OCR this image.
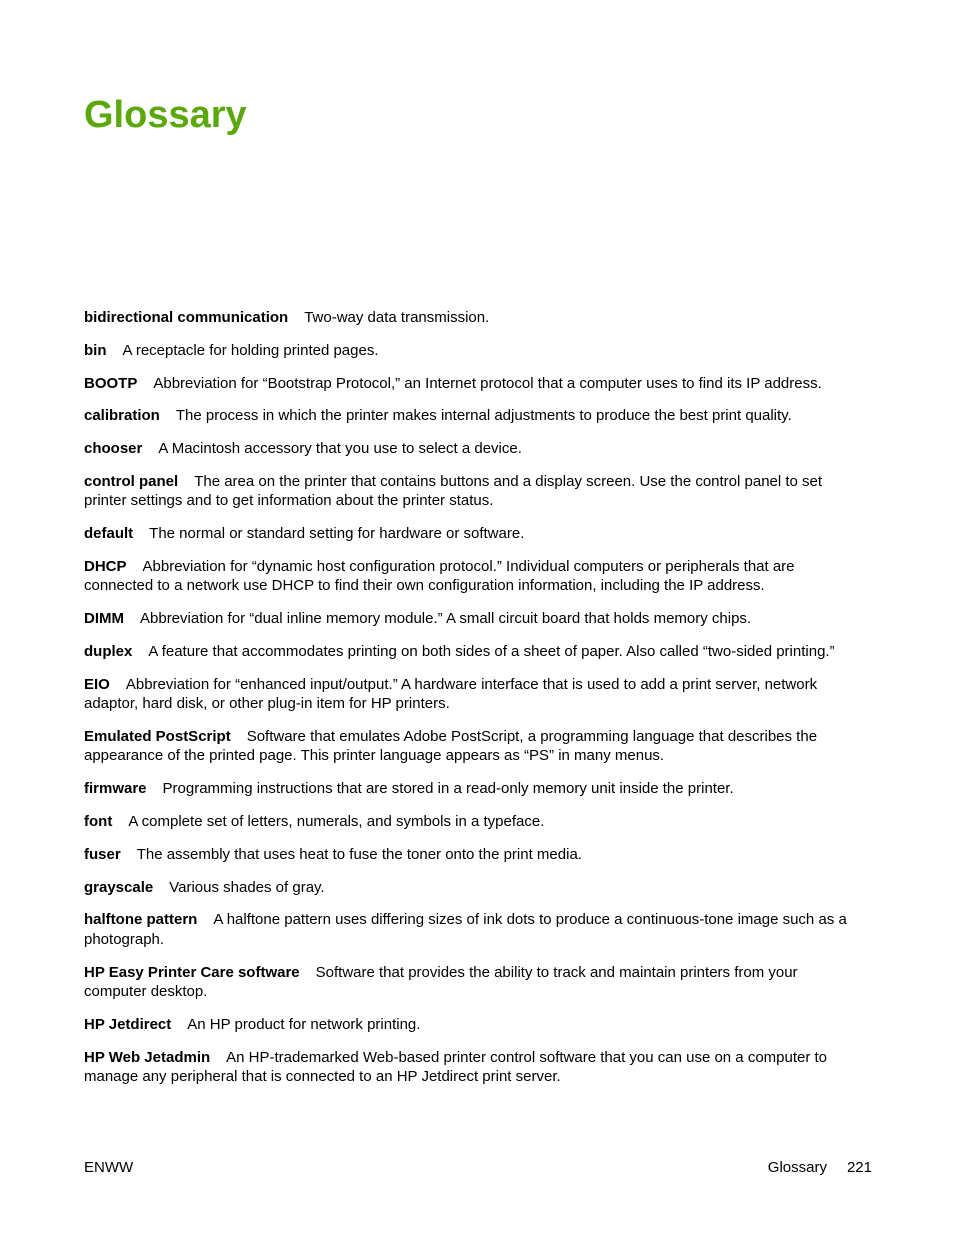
Glossary

bidirectional communication Two-way data transmission.

bin A receptacle for holding printed pages.

BOOTP Abbreviation for “Bootstrap Protocol,” an Internet protocol that a computer uses to find its IP address.

calibration The process in which the printer makes internal adjustments to produce the best print quality.

chooser A Macintosh accessory that you use to select a device.

control panel The area on the printer that contains buttons and a display screen. Use the control panel to set printer settings and to get information about the printer status.

default The normal or standard setting for hardware or software.

DHCP Abbreviation for “dynamic host configuration protocol.” Individual computers or peripherals that are connected to a network use DHCP to find their own configuration information, including the IP address.

DIMM Abbreviation for “dual inline memory module.” A small circuit board that holds memory chips.

duplex A feature that accommodates printing on both sides of a sheet of paper. Also called “two-sided printing.”

EIO Abbreviation for “enhanced input/output.” A hardware interface that is used to add a print server, network adaptor, hard disk, or other plug-in item for HP printers.

Emulated PostScript Software that emulates Adobe PostScript, a programming language that describes the appearance of the printed page. This printer language appears as “PS” in many menus.

firmware Programming instructions that are stored in a read-only memory unit inside the printer.

font A complete set of letters, numerals, and symbols in a typeface.

fuser The assembly that uses heat to fuse the toner onto the print media.

grayscale Various shades of gray.

halftone pattern A halftone pattern uses differing sizes of ink dots to produce a continuous-tone image such as a photograph.

HP Easy Printer Care software Software that provides the ability to track and maintain printers from your computer desktop.

HP Jetdirect An HP product for network printing.

HP Web Jetadmin An HP-trademarked Web-based printer control software that you can use on a computer to manage any peripheral that is connected to an HP Jetdirect print server.

ENWW	Glossary 221
